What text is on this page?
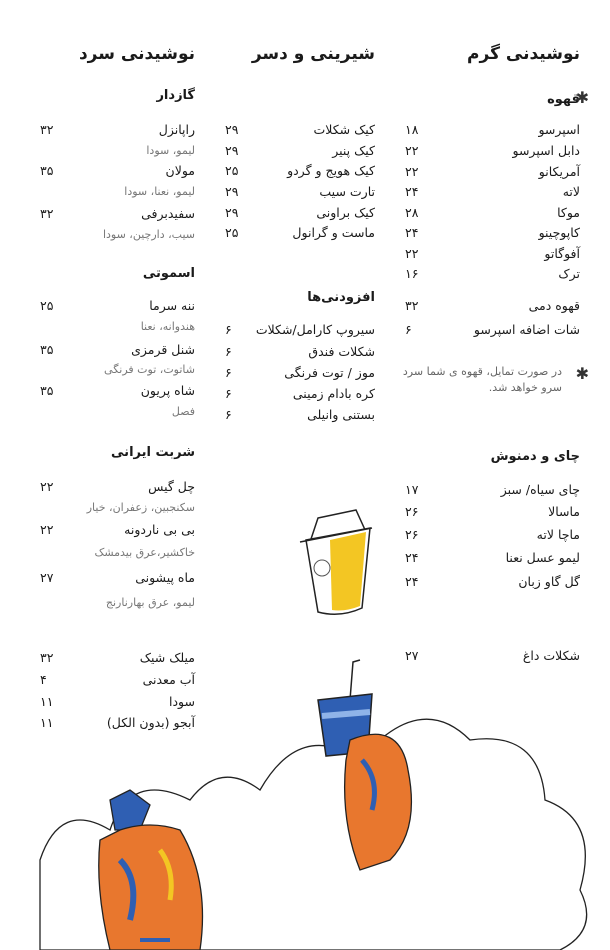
نوشیدنی گرم
قهوه
✱
اسپرسو
۱۸
دابل اسپرسو
۲۲
آمریکانو
۲۲
لاته
۲۴
موکا
۲۸
کاپوچینو
۲۴
آفوگاتو
۲۲
ترک
۱۶
قهوه دمی
۳۲
شات اضافه اسپرسو
۶
✱
در صورت تمایل، قهوه ی شما سرد سرو خواهد شد.
چای و دمنوش
چای سیاه/ سبز
۱۷
ماسالا
۲۶
ماچا لاته
۲۶
لیمو عسل نعنا
۲۴
گل گاو زبان
۲۴
شکلات داغ
۲۷
شیرینی و دسر
کیک شکلات
۲۹
کیک پنیر
۲۹
کیک هویج و گردو
۲۵
تارت سیب
۲۹
کیک براونی
۲۹
ماست و گرانول
۲۵
افزودنی‌ها
سیروپ کارامل/شکلات
۶
شکلات فندق
۶
موز / توت فرنگی
۶
کره بادام زمینی
۶
بستنی وانیلی
۶
نوشیدنی سرد
گازدار
راپانزل
۳۲
لیمو، سودا
مولان
۳۵
لیمو، نعنا، سودا
سفیدبرفی
۳۲
سیب، دارچین، سودا
اسموتی
ننه سرما
۲۵
هندوانه، نعنا
شنل قرمزی
۳۵
شاتوت، توت فرنگی
شاه پریون
۳۵
فصل
شربت ایرانی
چل گیس
۲۲
سکنجبین، زعفران، خیار
بی بی ناردونه
۲۲
خاکشیر،عرق بیدمشک
ماه پیشونی
۲۷
لیمو، عرق بهارنارنج
میلک شیک
۳۲
آب معدنی
۴
سودا
۱۱
آبجو (بدون الکل)
۱۱
